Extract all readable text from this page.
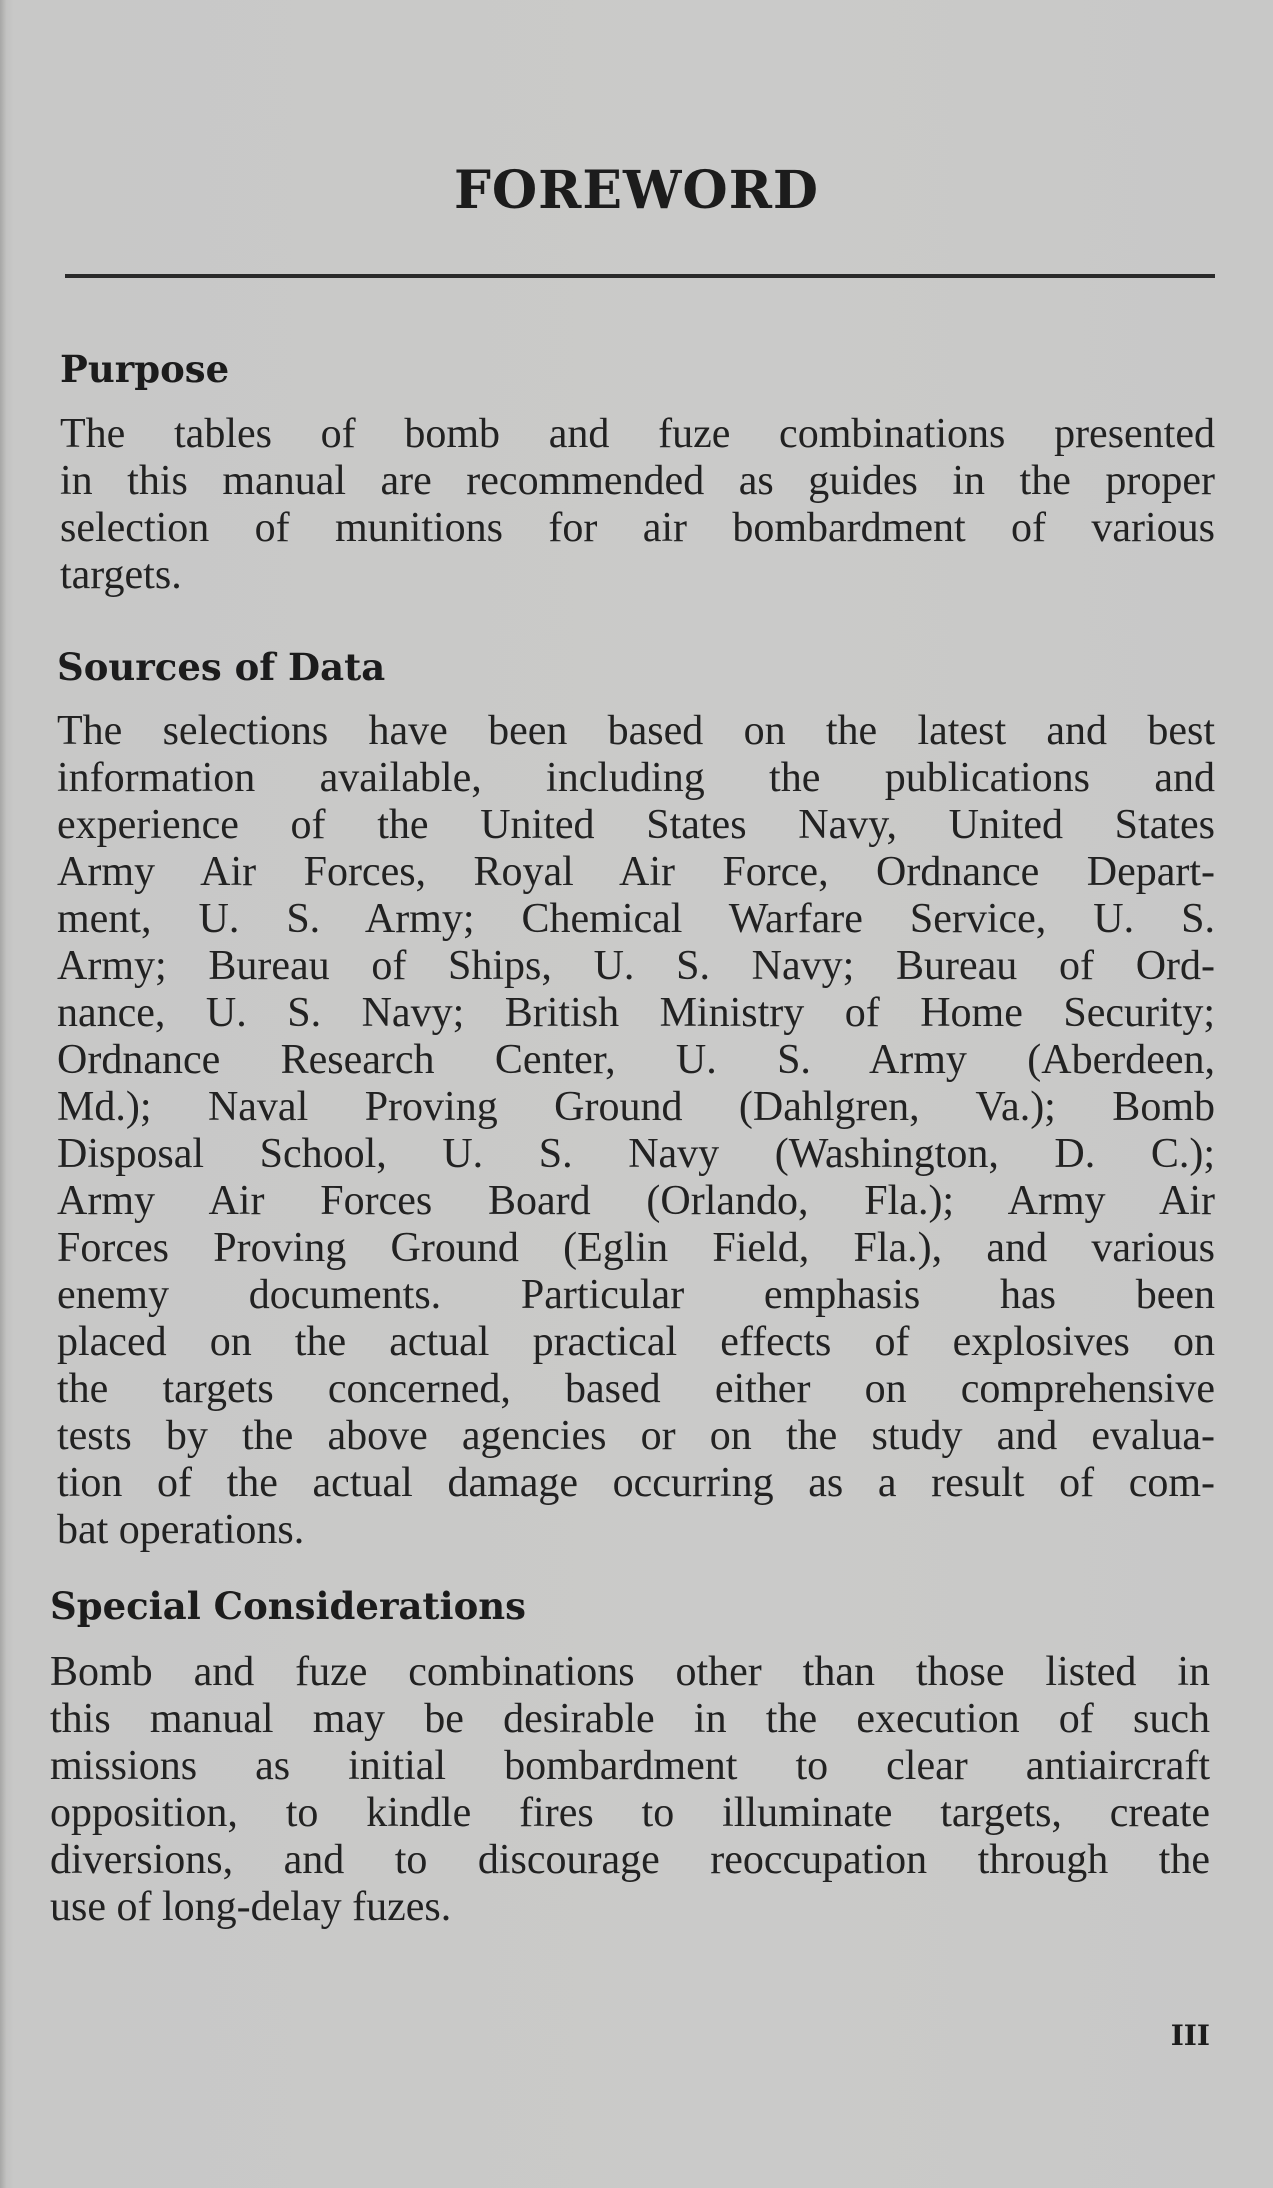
FOREWORD
Purpose
The tables of bomb and fuze combinations presented
in this manual are recommended as guides in the proper
selection of munitions for air bombardment of various
targets.
Sources of Data
The selections have been based on the latest and best
information available, including the publications and
experience of the United States Navy, United States
Army Air Forces, Royal Air Force, Ordnance Depart-
ment, U. S. Army; Chemical Warfare Service, U. S.
Army; Bureau of Ships, U. S. Navy; Bureau of Ord-
nance, U. S. Navy; British Ministry of Home Security;
Ordnance Research Center, U. S. Army (Aberdeen,
Md.); Naval Proving Ground (Dahlgren, Va.); Bomb
Disposal School, U. S. Navy (Washington, D. C.);
Army Air Forces Board (Orlando, Fla.); Army Air
Forces Proving Ground (Eglin Field, Fla.), and various
enemy documents. Particular emphasis has been
placed on the actual practical effects of explosives on
the targets concerned, based either on comprehensive
tests by the above agencies or on the study and evalua-
tion of the actual damage occurring as a result of com-
bat operations.
Special Considerations
Bomb and fuze combinations other than those listed in
this manual may be desirable in the execution of such
missions as initial bombardment to clear antiaircraft
opposition, to kindle fires to illuminate targets, create
diversions, and to discourage reoccupation through the
use of long-delay fuzes.
III
